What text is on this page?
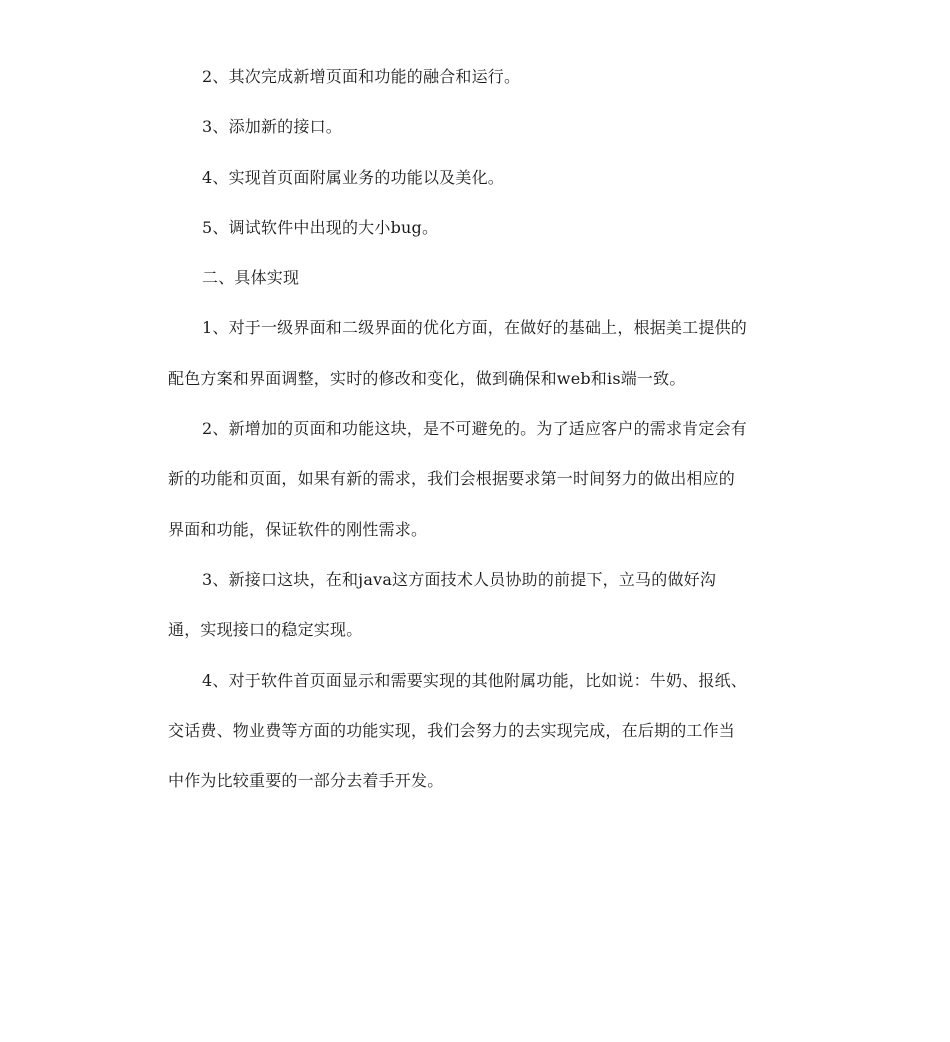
2、其次完成新增页面和功能的融合和运行。
3、添加新的接口。
4、实现首页面附属业务的功能以及美化。
5、调试软件中出现的大小bug。
二、具体实现
1、对于一级界面和二级界面的优化方面，在做好的基础上，根据美工提供的
配色方案和界面调整，实时的修改和变化，做到确保和web和is端一致。
2、新增加的页面和功能这块，是不可避免的。为了适应客户的需求肯定会有
新的功能和页面，如果有新的需求，我们会根据要求第一时间努力的做出相应的
界面和功能，保证软件的刚性需求。
3、新接口这块，在和java这方面技术人员协助的前提下，立马的做好沟
通，实现接口的稳定实现。
4、对于软件首页面显示和需要实现的其他附属功能，比如说：牛奶、报纸、
交话费、物业费等方面的功能实现，我们会努力的去实现完成，在后期的工作当
中作为比较重要的一部分去着手开发。
